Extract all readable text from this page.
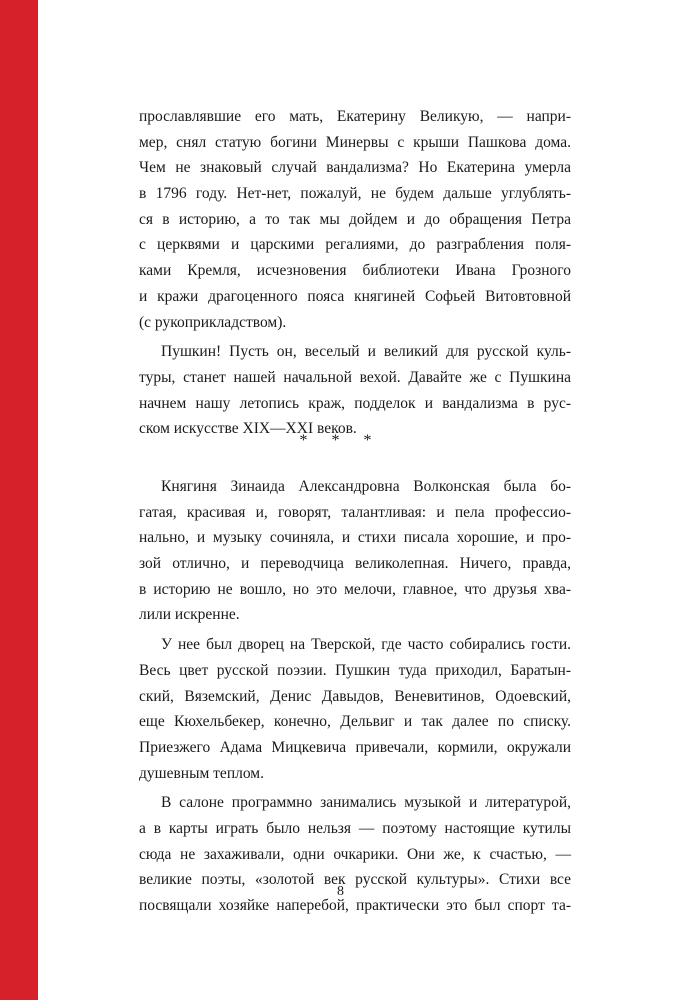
прославлявшие его мать, Екатерину Великую, — напри-
мер, снял статую богини Минервы с крыши Пашкова дома.
Чем не знаковый случай вандализма? Но Екатерина умерла
в 1796 году. Нет-нет, пожалуй, не будем дальше углублять-
ся в историю, а то так мы дойдем и до обращения Петра
с церквями и царскими регалиями, до разграбления поля-
ками Кремля, исчезновения библиотеки Ивана Грозного
и кражи драгоценного пояса княгиней Софьей Витовтовной
(с рукоприкладством).
Пушкин! Пусть он, веселый и великий для русской куль-
туры, станет нашей начальной вехой. Давайте же с Пушкина
начнем нашу летопись краж, подделок и вандализма в рус-
ском искусстве XIX—XXI веков.
* * *
Княгиня Зинаида Александровна Волконская была бо-
гатая, красивая и, говорят, талантливая: и пела профессио-
нально, и музыку сочиняла, и стихи писала хорошие, и про-
зой отлично, и переводчица великолепная. Ничего, правда,
в историю не вошло, но это мелочи, главное, что друзья хва-
лили искренне.
У нее был дворец на Тверской, где часто собирались гости.
Весь цвет русской поэзии. Пушкин туда приходил, Баратын-
ский, Вяземский, Денис Давыдов, Веневитинов, Одоевский,
еще Кюхельбекер, конечно, Дельвиг и так далее по списку.
Приезжего Адама Мицкевича привечали, кормили, окружали
душевным теплом.
В салоне программно занимались музыкой и литературой,
а в карты играть было нельзя — поэтому настоящие кутилы
сюда не захаживали, одни очкарики. Они же, к счастью, —
великие поэты, «золотой век русской культуры». Стихи все
посвящали хозяйке наперебой, практически это был спорт та-
8
